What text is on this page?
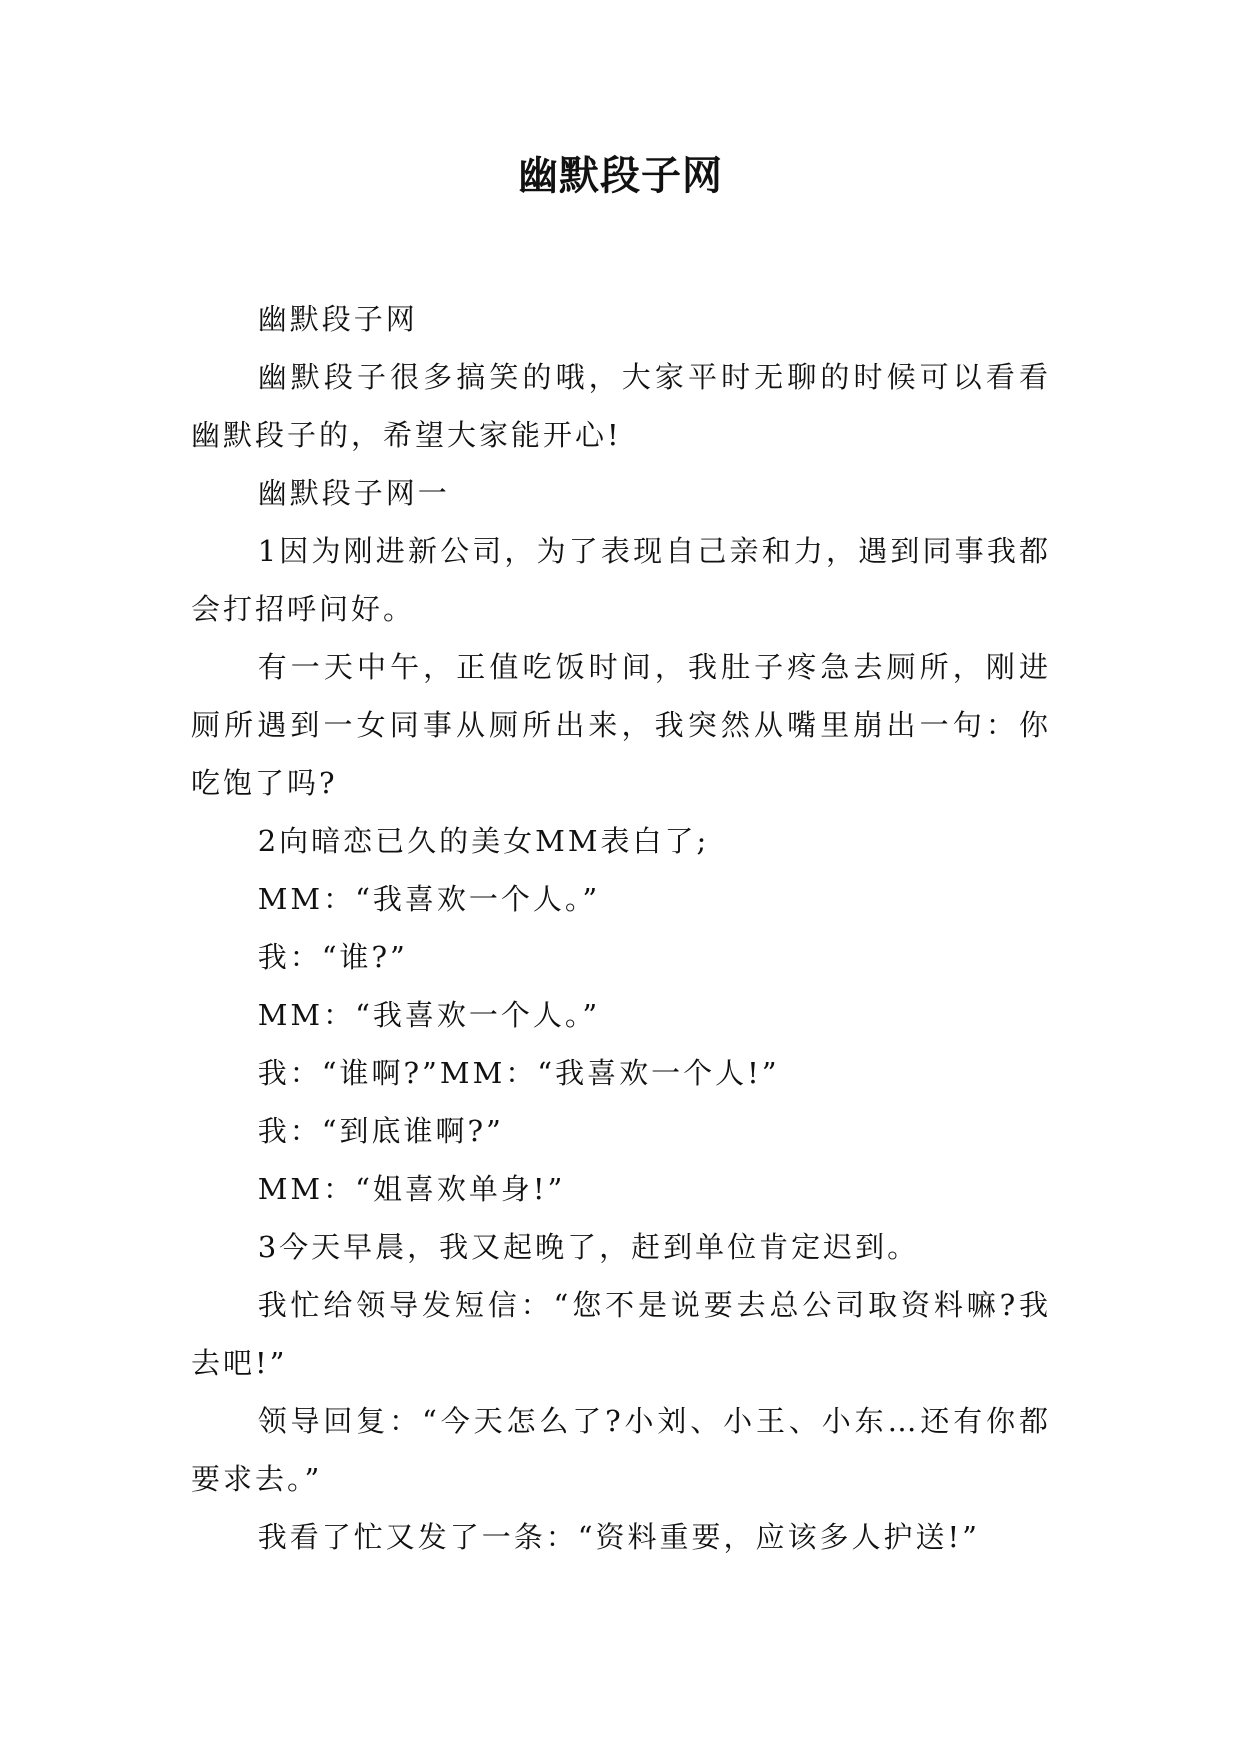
幽默段子网

幽默段子网

幽默段子很多搞笑的哦，大家平时无聊的时候可以看看幽默段子的，希望大家能开心!

幽默段子网一

1因为刚进新公司，为了表现自己亲和力，遇到同事我都会打招呼问好。

有一天中午，正值吃饭时间，我肚子疼急去厕所，刚进厕所遇到一女同事从厕所出来，我突然从嘴里崩出一句：你吃饱了吗?

2向暗恋已久的美女MM表白了;

MM：“我喜欢一个人。”

我：“谁?”

MM：“我喜欢一个人。”

我：“谁啊?”MM：“我喜欢一个人!”

我：“到底谁啊?”

MM：“姐喜欢单身!”

3今天早晨，我又起晚了，赶到单位肯定迟到。

我忙给领导发短信：“您不是说要去总公司取资料嘛?我去吧!”

领导回复：“今天怎么了?小刘、小王、小东…还有你都要求去。”

我看了忙又发了一条：“资料重要，应该多人护送!”
